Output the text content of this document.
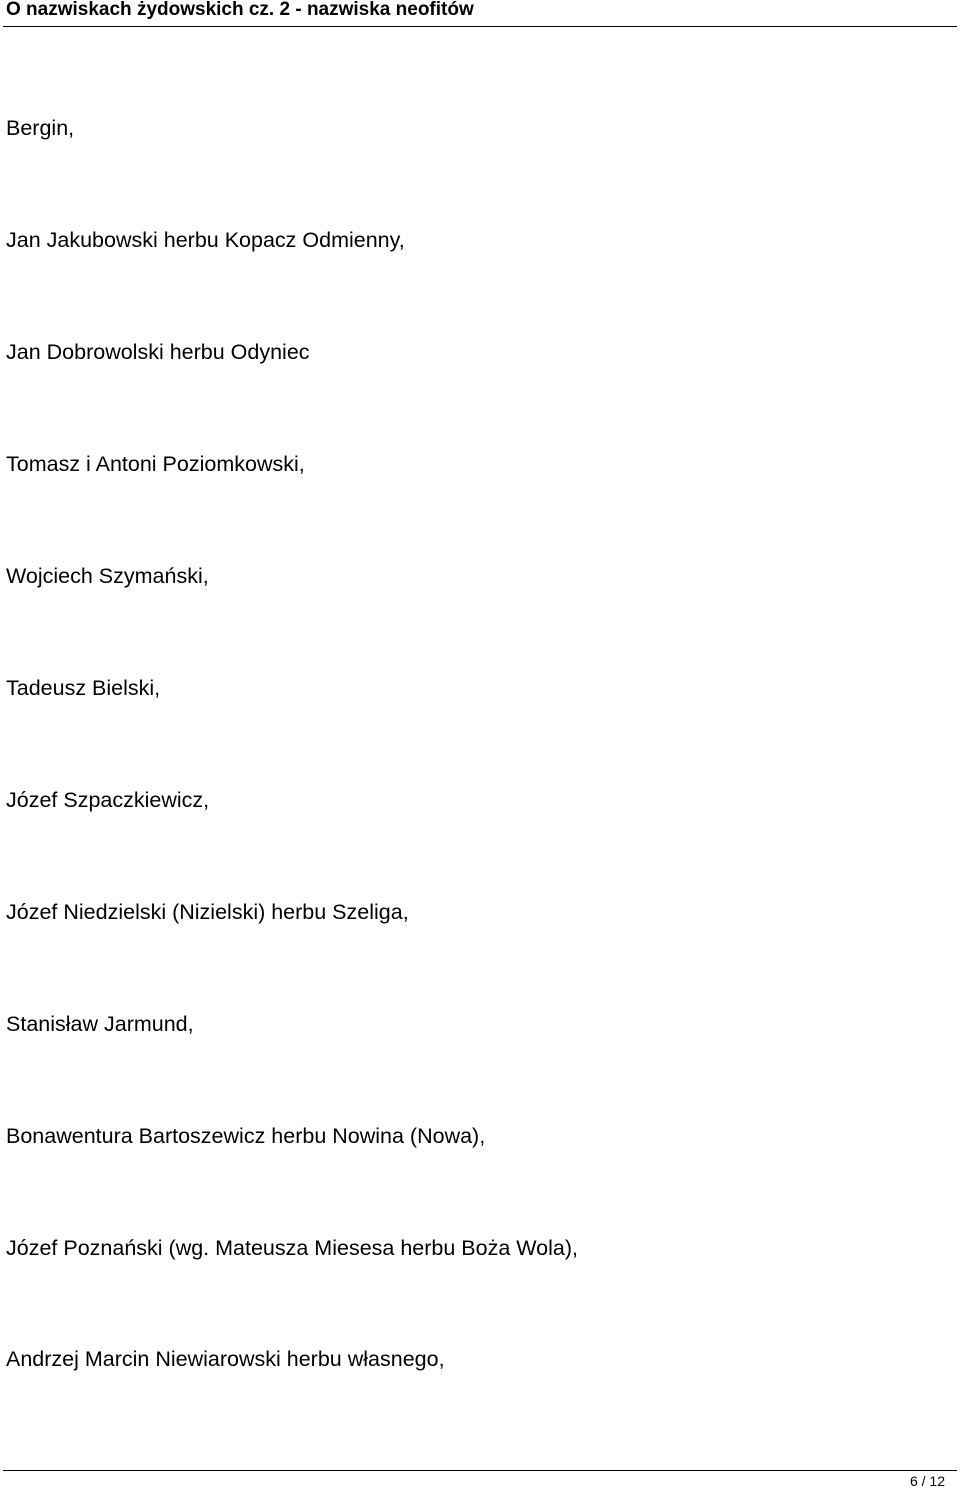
O nazwiskach żydowskich cz. 2 - nazwiska neofitów
Bergin,
Jan Jakubowski herbu Kopacz Odmienny,
Jan Dobrowolski herbu Odyniec
Tomasz i Antoni Poziomkowski,
Wojciech Szymański,
Tadeusz Bielski,
Józef Szpaczkiewicz,
Józef Niedzielski (Nizielski) herbu Szeliga,
Stanisław Jarmund,
Bonawentura Bartoszewicz herbu Nowina (Nowa),
Józef Poznański (wg. Mateusza Miesesa herbu Boża Wola),
Andrzej Marcin Niewiarowski herbu własnego,
6 / 12
